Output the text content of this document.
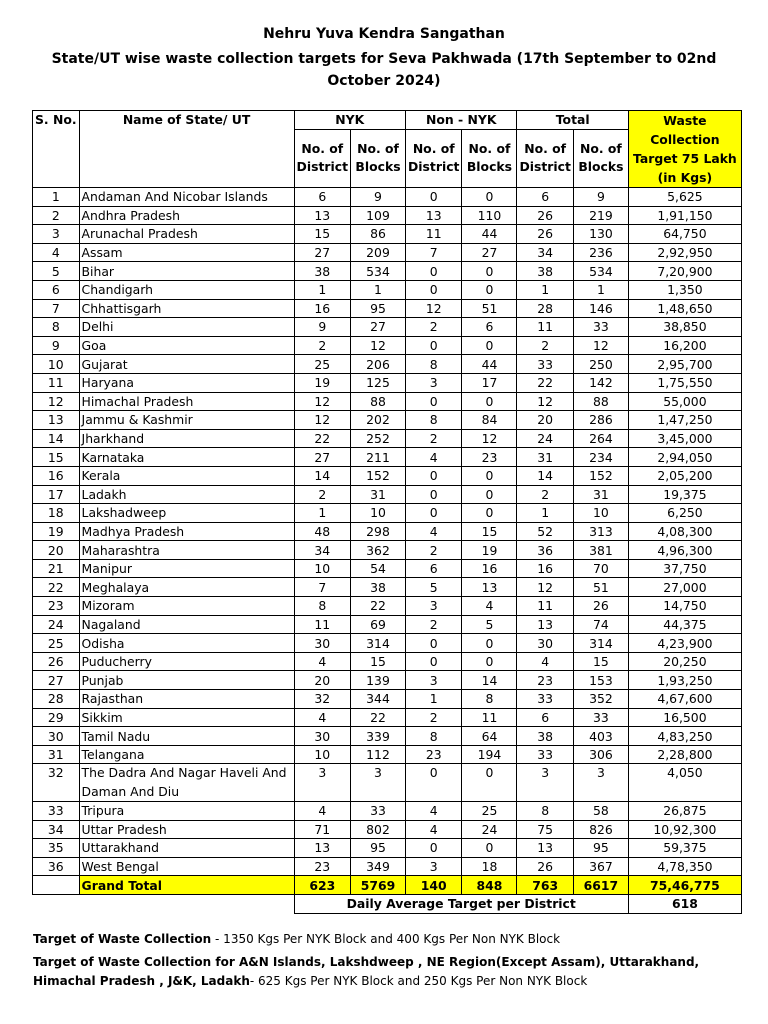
Nehru Yuva Kendra Sangathan
State/UT wise waste collection targets for Seva Pakhwada (17th September to 02nd October 2024)
S. No.	Name of State/ UT	NYK		Non - NYK		Total		Waste Collection Target 75 Lakh (in Kgs)
		No. of District	No. of Blocks	No. of District	No. of Blocks	No. of District	No. of Blocks	
1	Andaman And Nicobar Islands	6	9	0	0	6	9	5,625
2	Andhra Pradesh	13	109	13	110	26	219	1,91,150
3	Arunachal Pradesh	15	86	11	44	26	130	64,750
4	Assam	27	209	7	27	34	236	2,92,950
5	Bihar	38	534	0	0	38	534	7,20,900
6	Chandigarh	1	1	0	0	1	1	1,350
7	Chhattisgarh	16	95	12	51	28	146	1,48,650
8	Delhi	9	27	2	6	11	33	38,850
9	Goa	2	12	0	0	2	12	16,200
10	Gujarat	25	206	8	44	33	250	2,95,700
11	Haryana	19	125	3	17	22	142	1,75,550
12	Himachal Pradesh	12	88	0	0	12	88	55,000
13	Jammu & Kashmir	12	202	8	84	20	286	1,47,250
14	Jharkhand	22	252	2	12	24	264	3,45,000
15	Karnataka	27	211	4	23	31	234	2,94,050
16	Kerala	14	152	0	0	14	152	2,05,200
17	Ladakh	2	31	0	0	2	31	19,375
18	Lakshadweep	1	10	0	0	1	10	6,250
19	Madhya Pradesh	48	298	4	15	52	313	4,08,300
20	Maharashtra	34	362	2	19	36	381	4,96,300
21	Manipur	10	54	6	16	16	70	37,750
22	Meghalaya	7	38	5	13	12	51	27,000
23	Mizoram	8	22	3	4	11	26	14,750
24	Nagaland	11	69	2	5	13	74	44,375
25	Odisha	30	314	0	0	30	314	4,23,900
26	Puducherry	4	15	0	0	4	15	20,250
27	Punjab	20	139	3	14	23	153	1,93,250
28	Rajasthan	32	344	1	8	33	352	4,67,600
29	Sikkim	4	22	2	11	6	33	16,500
30	Tamil Nadu	30	339	8	64	38	403	4,83,250
31	Telangana	10	112	23	194	33	306	2,28,800
32	The Dadra And Nagar Haveli And Daman And Diu	3	3	0	0	3	3	4,050
33	Tripura	4	33	4	25	8	58	26,875
34	Uttar Pradesh	71	802	4	24	75	826	10,92,300
35	Uttarakhand	13	95	0	0	13	95	59,375
36	West Bengal	23	349	3	18	26	367	4,78,350
	Grand Total	623	5769	140	848	763	6617	75,46,775
		Daily Average Target per District						618
Target of Waste Collection - 1350 Kgs Per NYK Block and 400 Kgs Per Non NYK Block
Target of Waste Collection for A&N Islands, Lakshdweep , NE Region(Except Assam), Uttarakhand, Himachal Pradesh , J&K, Ladakh- 625 Kgs Per NYK Block and 250 Kgs Per Non NYK Block
